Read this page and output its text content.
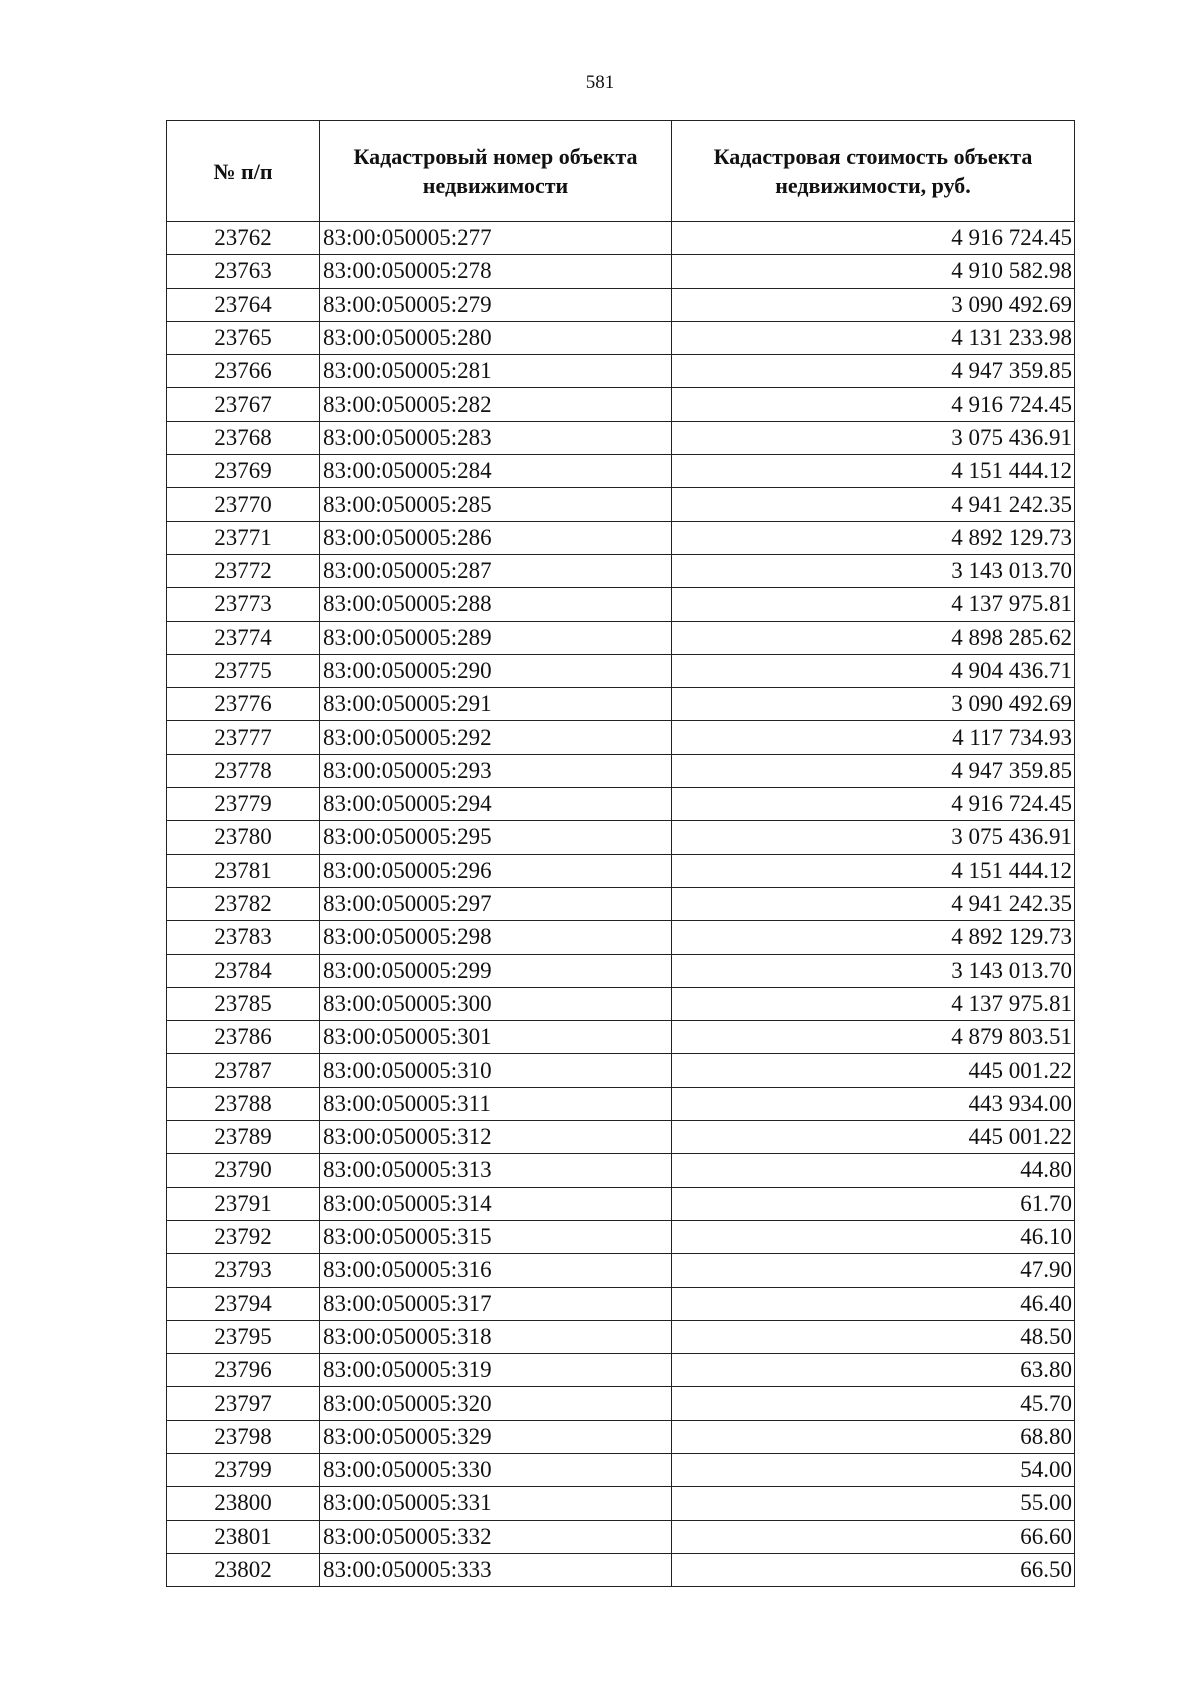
581
№ п/п	Кадастровый номер объекта недвижимости	Кадастровая стоимость объекта недвижимости, руб.
23762	83:00:050005:277	4 916 724.45
23763	83:00:050005:278	4 910 582.98
23764	83:00:050005:279	3 090 492.69
23765	83:00:050005:280	4 131 233.98
23766	83:00:050005:281	4 947 359.85
23767	83:00:050005:282	4 916 724.45
23768	83:00:050005:283	3 075 436.91
23769	83:00:050005:284	4 151 444.12
23770	83:00:050005:285	4 941 242.35
23771	83:00:050005:286	4 892 129.73
23772	83:00:050005:287	3 143 013.70
23773	83:00:050005:288	4 137 975.81
23774	83:00:050005:289	4 898 285.62
23775	83:00:050005:290	4 904 436.71
23776	83:00:050005:291	3 090 492.69
23777	83:00:050005:292	4 117 734.93
23778	83:00:050005:293	4 947 359.85
23779	83:00:050005:294	4 916 724.45
23780	83:00:050005:295	3 075 436.91
23781	83:00:050005:296	4 151 444.12
23782	83:00:050005:297	4 941 242.35
23783	83:00:050005:298	4 892 129.73
23784	83:00:050005:299	3 143 013.70
23785	83:00:050005:300	4 137 975.81
23786	83:00:050005:301	4 879 803.51
23787	83:00:050005:310	445 001.22
23788	83:00:050005:311	443 934.00
23789	83:00:050005:312	445 001.22
23790	83:00:050005:313	44.80
23791	83:00:050005:314	61.70
23792	83:00:050005:315	46.10
23793	83:00:050005:316	47.90
23794	83:00:050005:317	46.40
23795	83:00:050005:318	48.50
23796	83:00:050005:319	63.80
23797	83:00:050005:320	45.70
23798	83:00:050005:329	68.80
23799	83:00:050005:330	54.00
23800	83:00:050005:331	55.00
23801	83:00:050005:332	66.60
23802	83:00:050005:333	66.50
